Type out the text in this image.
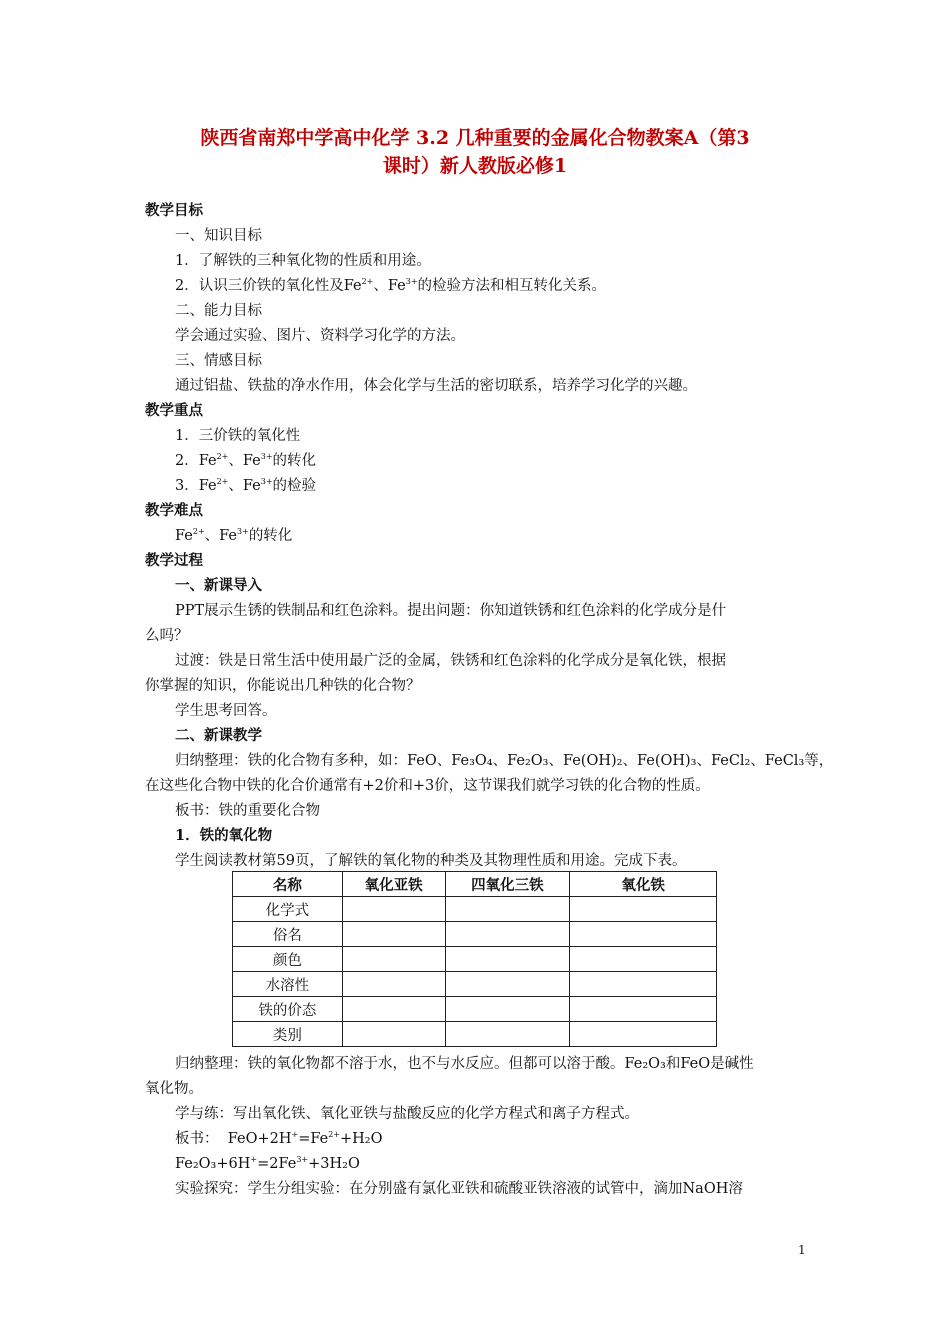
陕西省南郑中学高中化学 3.2 几种重要的金属化合物教案A（第3
课时）新人教版必修1
教学目标
一、知识目标
1．了解铁的三种氧化物的性质和用途。
2．认识三价铁的氧化性及$Fe^{2+}$、$Fe^{3+}$的检验方法和相互转化关系。
二、能力目标
学会通过实验、图片、资料学习化学的方法。
三、情感目标
通过铝盐、铁盐的净水作用，体会化学与生活的密切联系，培养学习化学的兴趣。
教学重点
1．三价铁的氧化性
2．$Fe^{2+}$、$Fe^{3+}$的转化
3．$Fe^{2+}$、$Fe^{3+}$的检验
教学难点
$Fe^{2+}$、$Fe^{3+}$的转化
教学过程
一、新课导入
PPT展示生锈的铁制品和红色涂料。提出问题：你知道铁锈和红色涂料的化学成分是什
么吗？
过渡：铁是日常生活中使用最广泛的金属，铁锈和红色涂料的化学成分是氧化铁，根据
你掌握的知识，你能说出几种铁的化合物？
学生思考回答。
二、新课教学
归纳整理：铁的化合物有多种，如：FeO、Fe₃O₄、Fe₂O₃、Fe(OH)₂、Fe(OH)₃、FeCl₂、FeCl₃等，
在这些化合物中铁的化合价通常有+2价和+3价，这节课我们就学习铁的化合物的性质。
板书：铁的重要化合物
1．铁的氧化物
学生阅读教材第59页，了解铁的氧化物的种类及其物理性质和用途。完成下表。
名称	氧化亚铁	四氧化三铁	氧化铁
化学式			
俗名			
颜色			
水溶性			
铁的价态			
类别			
归纳整理：铁的氧化物都不溶于水，也不与水反应。但都可以溶于酸。Fe₂O₃和FeO是碱性
氧化物。
学与练：写出氧化铁、氧化亚铁与盐酸反应的化学方程式和离子方程式。
板书： $FeO+2H^+=Fe^{2+}+H_2O$
$Fe_2O_3+6H^+=2Fe^{3+}+3H_2O$
实验探究：学生分组实验：在分别盛有氯化亚铁和硫酸亚铁溶液的试管中，滴加NaOH溶
1
